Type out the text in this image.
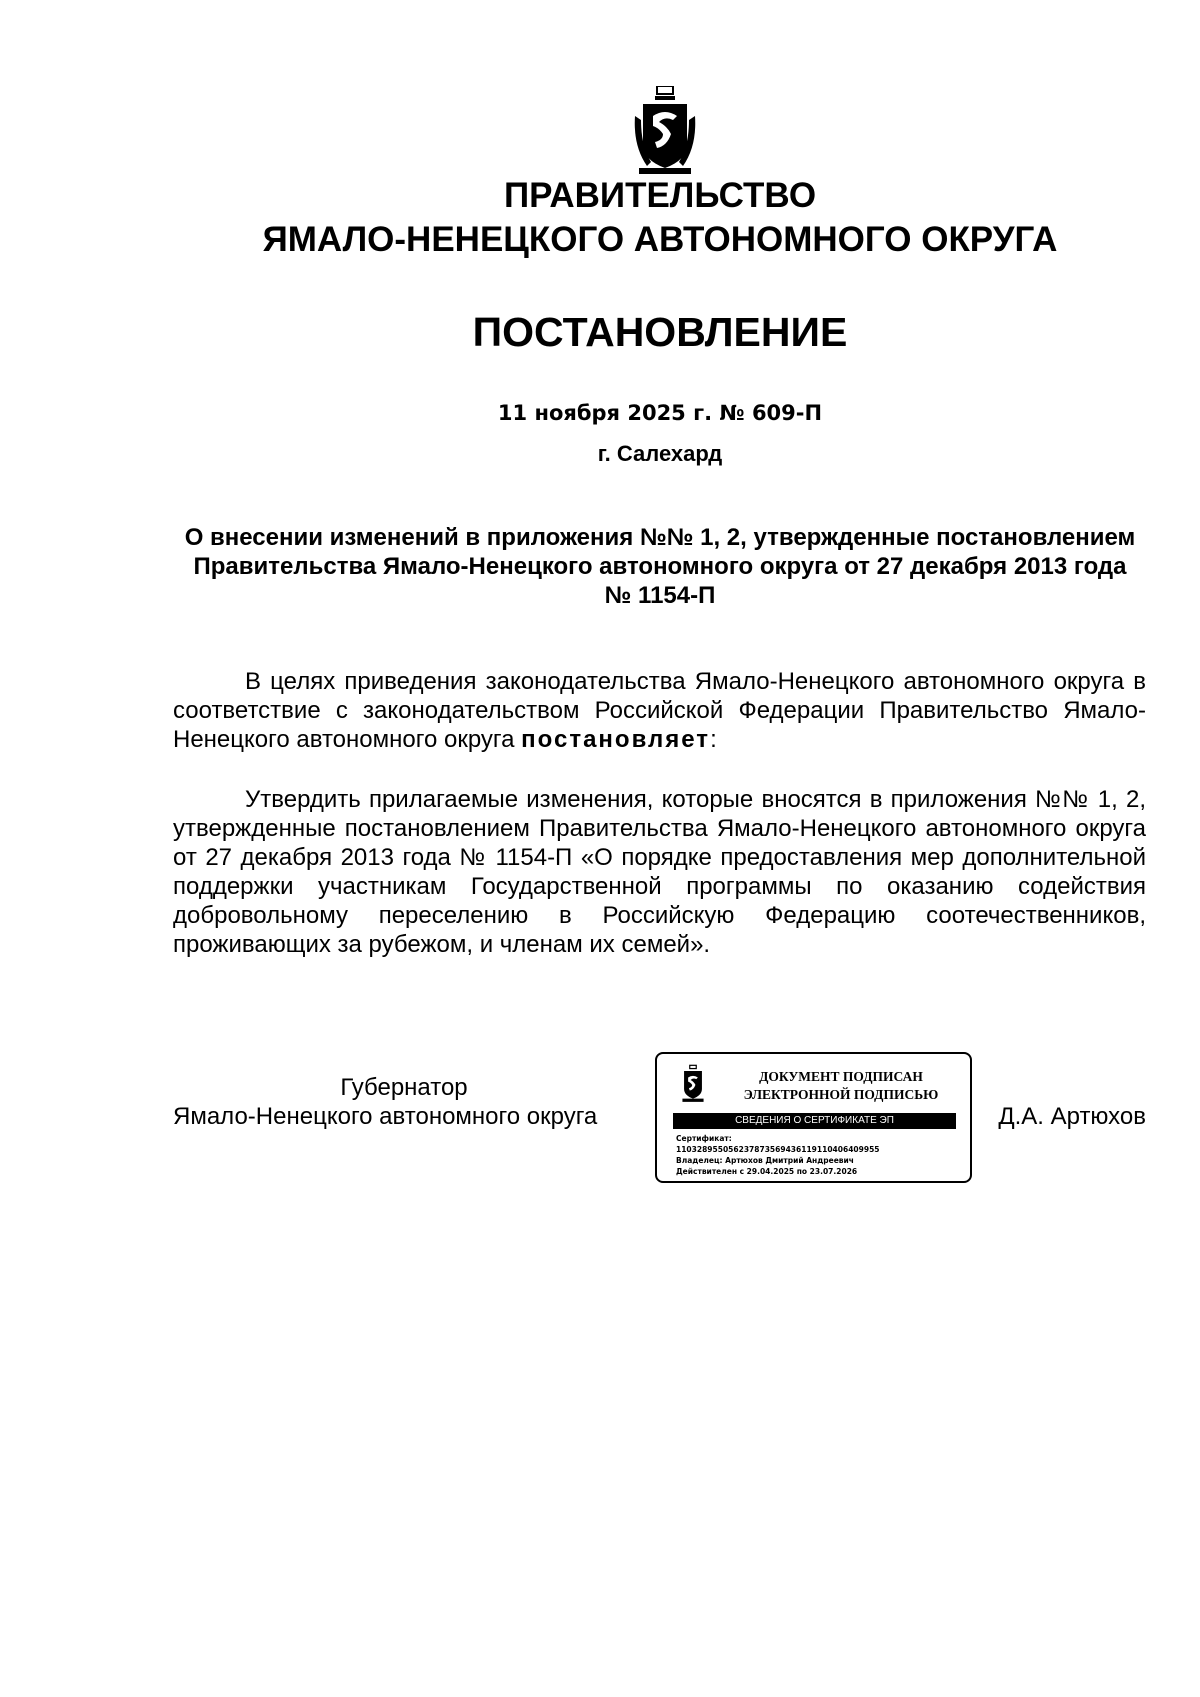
ПРАВИТЕЛЬСТВО
ЯМАЛО-НЕНЕЦКОГО АВТОНОМНОГО ОКРУГА
ПОСТАНОВЛЕНИЕ
11 ноября 2025 г. № 609-П
г. Салехард
О внесении изменений в приложения №№ 1, 2, утвержденные постановлением Правительства Ямало-Ненецкого автономного округа от 27 декабря 2013 года № 1154-П
В целях приведения законодательства Ямало-Ненецкого автономного округа в соответствие с законодательством Российской Федерации Правительство Ямало-Ненецкого автономного округа постановляет:
Утвердить прилагаемые изменения, которые вносятся в приложения №№ 1, 2, утвержденные постановлением Правительства Ямало-Ненецкого автономного округа от 27 декабря 2013 года № 1154-П «О порядке предоставления мер дополнительной поддержки участникам Государственной программы по оказанию содействия добровольному переселению в Российскую Федерацию соотечественников, проживающих за рубежом, и членам их семей».
Губернатор
Ямало-Ненецкого автономного округа	Д.А. Артюхов
ДОКУМЕНТ ПОДПИСАН
ЭЛЕКТРОННОЙ ПОДПИСЬЮ
СВЕДЕНИЯ О СЕРТИФИКАТЕ ЭП
Сертификат:
110328955056237873569436119110406409955
Владелец: Артюхов Дмитрий Андреевич
Действителен с 29.04.2025 по 23.07.2026
